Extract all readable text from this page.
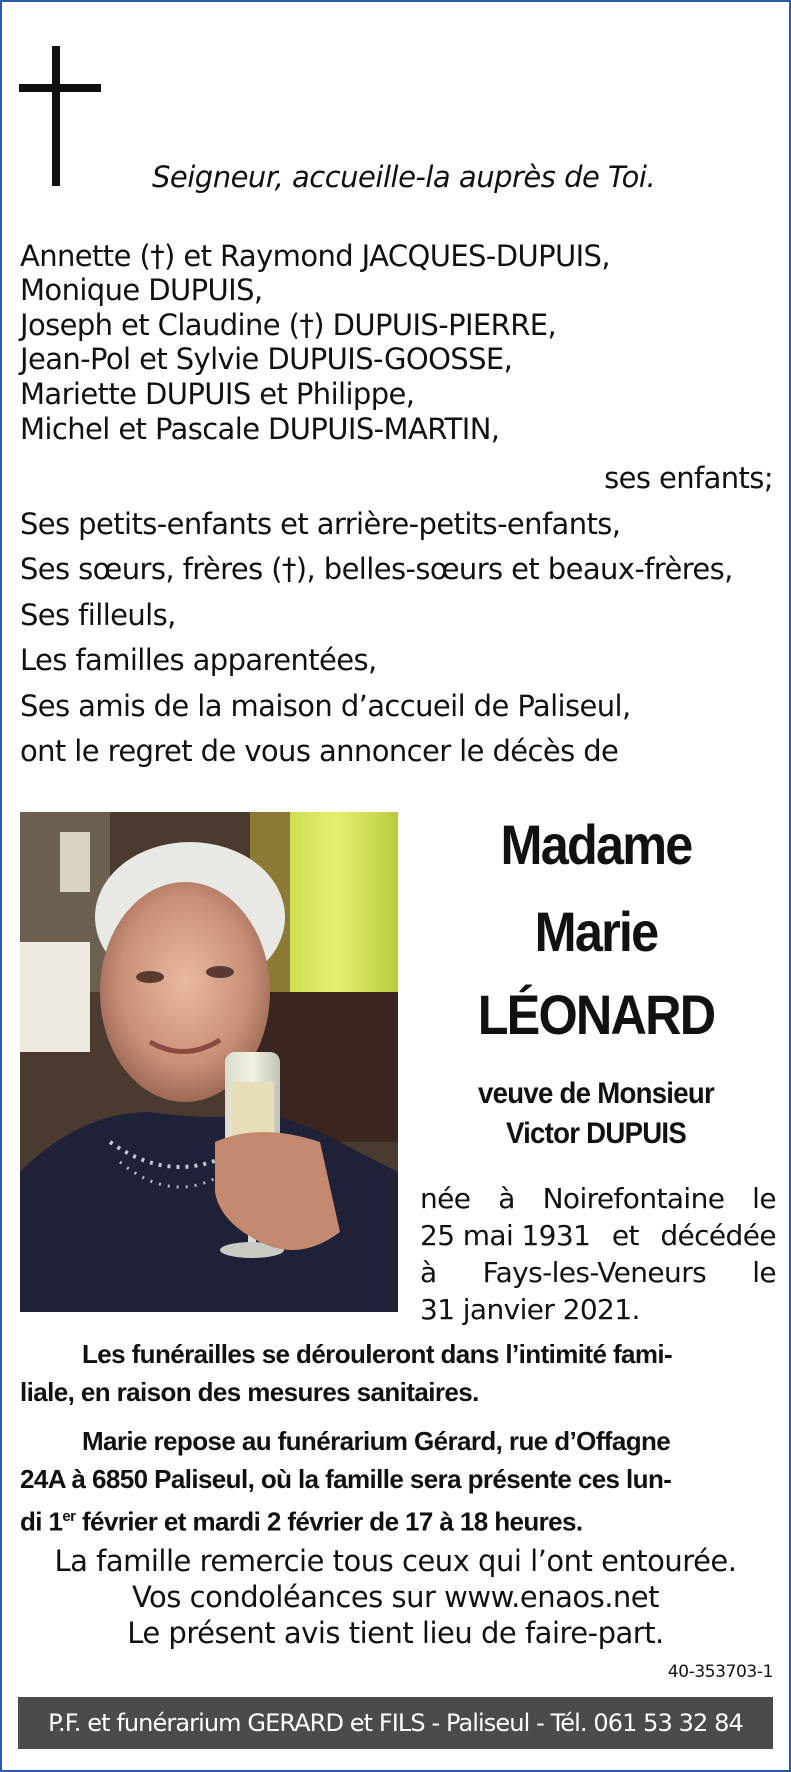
Seigneur, accueille-la auprès de Toi.
Annette (†) et Raymond JACQUES-DUPUIS,
Monique DUPUIS,
Joseph et Claudine (†) DUPUIS-PIERRE,
Jean-Pol et Sylvie DUPUIS-GOOSSE,
Mariette DUPUIS et Philippe,
Michel et Pascale DUPUIS-MARTIN,
ses enfants;
Ses petits-enfants et arrière-petits-enfants,
Ses sœurs, frères (†), belles-sœurs et beaux-frères,
Ses filleuls,
Les familles apparentées,
Ses amis de la maison d’accueil de Paliseul,
ont le regret de vous annoncer le décès de
Madame
Marie
LÉONARD
veuve de Monsieur
Victor DUPUIS
née à Noirefontaine le
25 mai 1931 et décédée
à Fays-les-Veneurs le
31 janvier 2021.
Les funérailles se dérouleront dans l’intimité fami-
liale, en raison des mesures sanitaires.
Marie repose au funérarium Gérard, rue d’Offagne
24A à 6850 Paliseul, où la famille sera présente ces lun-
di 1er février et mardi 2 février de 17 à 18 heures.
La famille remercie tous ceux qui l’ont entourée.
Vos condoléances sur www.enaos.net
Le présent avis tient lieu de faire-part.
40-353703-1
P.F. et funérarium GERARD et FILS - Paliseul - Tél. 061 53 32 84
